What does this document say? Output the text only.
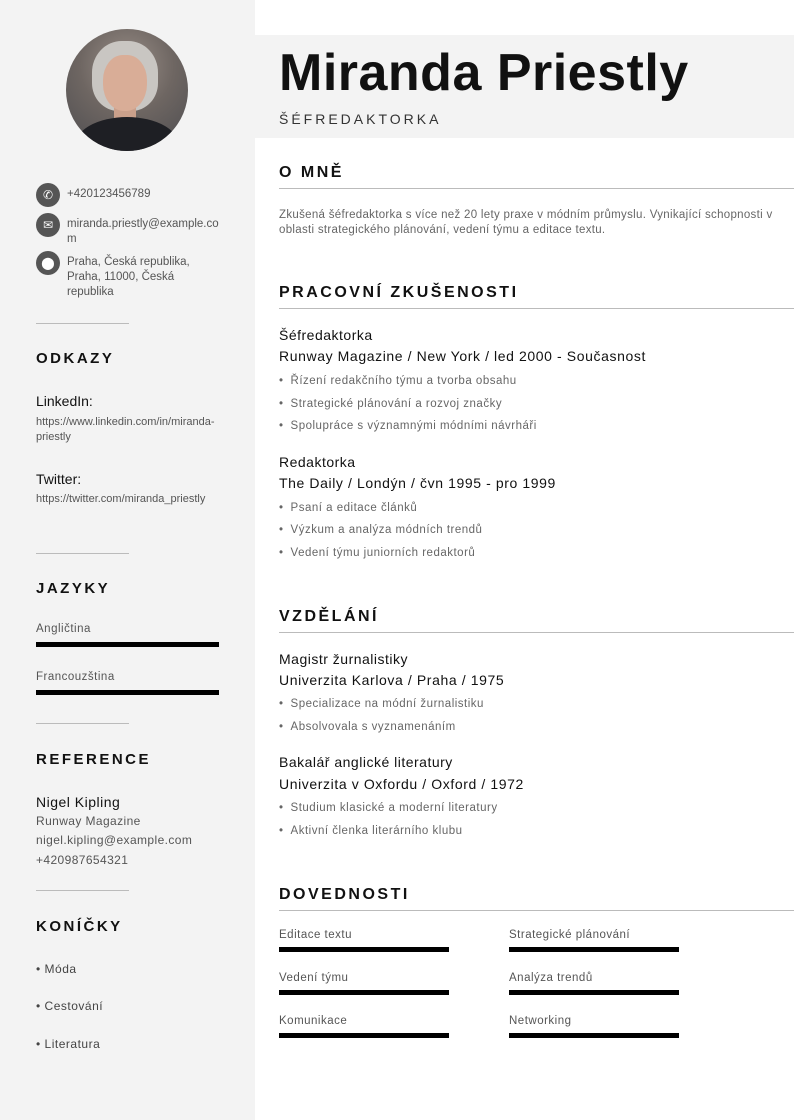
✆	+420123456789
✉	miranda.priestly@example.com
⬤	Praha, Česká republika, Praha, 11000, Česká republika
ODKAZY
LinkedIn:
https://www.linkedin.com/in/miranda-priestly
Twitter:
https://twitter.com/miranda_priestly
JAZYKY
Angličtina
Francouzština
REFERENCE
Nigel Kipling
Runway Magazine
nigel.kipling@example.com
+420987654321
KONÍČKY
• Móda
• Cestování
• Literatura
Miranda Priestly
ŠÉFREDAKTORKA
O MNĚ
Zkušená šéfredaktorka s více než 20 lety praxe v módním průmyslu. Vynikající schopnosti v oblasti strategického plánování, vedení týmu a editace textu.
PRACOVNÍ ZKUŠENOSTI
Šéfredaktorka
Runway Magazine / New York / led 2000 - Současnost
• Řízení redakčního týmu a tvorba obsahu
• Strategické plánování a rozvoj značky
• Spolupráce s významnými módními návrháři
Redaktorka
The Daily / Londýn / čvn 1995 - pro 1999
• Psaní a editace článků
• Výzkum a analýza módních trendů
• Vedení týmu juniorních redaktorů
VZDĚLÁNÍ
Magistr žurnalistiky
Univerzita Karlova / Praha / 1975
• Specializace na módní žurnalistiku
• Absolvovala s vyznamenáním
Bakalář anglické literatury
Univerzita v Oxfordu / Oxford / 1972
• Studium klasické a moderní literatury
• Aktivní členka literárního klubu
DOVEDNOSTI
Editace textu	Strategické plánování
Vedení týmu	Analýza trendů
Komunikace	Networking
